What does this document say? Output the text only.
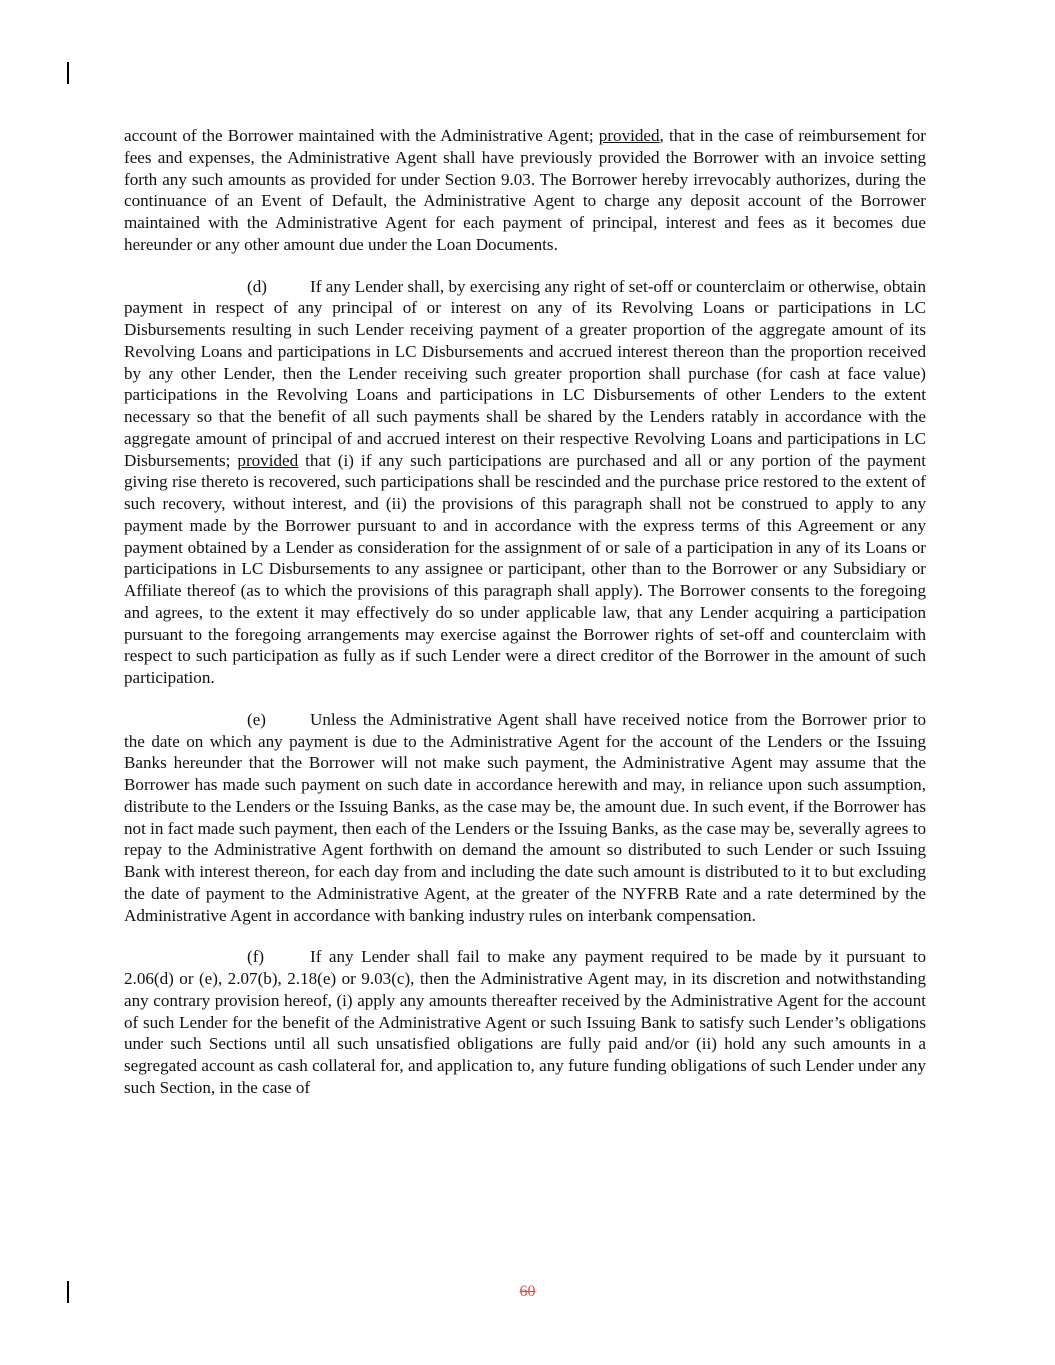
account of the Borrower maintained with the Administrative Agent; provided, that in the case of reimbursement for fees and expenses, the Administrative Agent shall have previously provided the Borrower with an invoice setting forth any such amounts as provided for under Section 9.03. The Borrower hereby irrevocably authorizes, during the continuance of an Event of Default, the Administrative Agent to charge any deposit account of the Borrower maintained with the Administrative Agent for each payment of principal, interest and fees as it becomes due hereunder or any other amount due under the Loan Documents.

(d)	If any Lender shall, by exercising any right of set-off or counterclaim or otherwise, obtain payment in respect of any principal of or interest on any of its Revolving Loans or participations in LC Disbursements resulting in such Lender receiving payment of a greater proportion of the aggregate amount of its Revolving Loans and participations in LC Disbursements and accrued interest thereon than the proportion received by any other Lender, then the Lender receiving such greater proportion shall purchase (for cash at face value) participations in the Revolving Loans and participations in LC Disbursements of other Lenders to the extent necessary so that the benefit of all such payments shall be shared by the Lenders ratably in accordance with the aggregate amount of principal of and accrued interest on their respective Revolving Loans and participations in LC Disbursements; provided that (i) if any such participations are purchased and all or any portion of the payment giving rise thereto is recovered, such participations shall be rescinded and the purchase price restored to the extent of such recovery, without interest, and (ii) the provisions of this paragraph shall not be construed to apply to any payment made by the Borrower pursuant to and in accordance with the express terms of this Agreement or any payment obtained by a Lender as consideration for the assignment of or sale of a participation in any of its Loans or participations in LC Disbursements to any assignee or participant, other than to the Borrower or any Subsidiary or Affiliate thereof (as to which the provisions of this paragraph shall apply). The Borrower consents to the foregoing and agrees, to the extent it may effectively do so under applicable law, that any Lender acquiring a participation pursuant to the foregoing arrangements may exercise against the Borrower rights of set-off and counterclaim with respect to such participation as fully as if such Lender were a direct creditor of the Borrower in the amount of such participation.

(e)	Unless the Administrative Agent shall have received notice from the Borrower prior to the date on which any payment is due to the Administrative Agent for the account of the Lenders or the Issuing Banks hereunder that the Borrower will not make such payment, the Administrative Agent may assume that the Borrower has made such payment on such date in accordance herewith and may, in reliance upon such assumption, distribute to the Lenders or the Issuing Banks, as the case may be, the amount due. In such event, if the Borrower has not in fact made such payment, then each of the Lenders or the Issuing Banks, as the case may be, severally agrees to repay to the Administrative Agent forthwith on demand the amount so distributed to such Lender or such Issuing Bank with interest thereon, for each day from and including the date such amount is distributed to it to but excluding the date of payment to the Administrative Agent, at the greater of the NYFRB Rate and a rate determined by the Administrative Agent in accordance with banking industry rules on interbank compensation.

(f)	If any Lender shall fail to make any payment required to be made by it pursuant to 2.06(d) or (e), 2.07(b), 2.18(e) or 9.03(c), then the Administrative Agent may, in its discretion and notwithstanding any contrary provision hereof, (i) apply any amounts thereafter received by the Administrative Agent for the account of such Lender for the benefit of the Administrative Agent or such Issuing Bank to satisfy such Lender’s obligations under such Sections until all such unsatisfied obligations are fully paid and/or (ii) hold any such amounts in a segregated account as cash collateral for, and application to, any future funding obligations of such Lender under any such Section, in the case of

60
